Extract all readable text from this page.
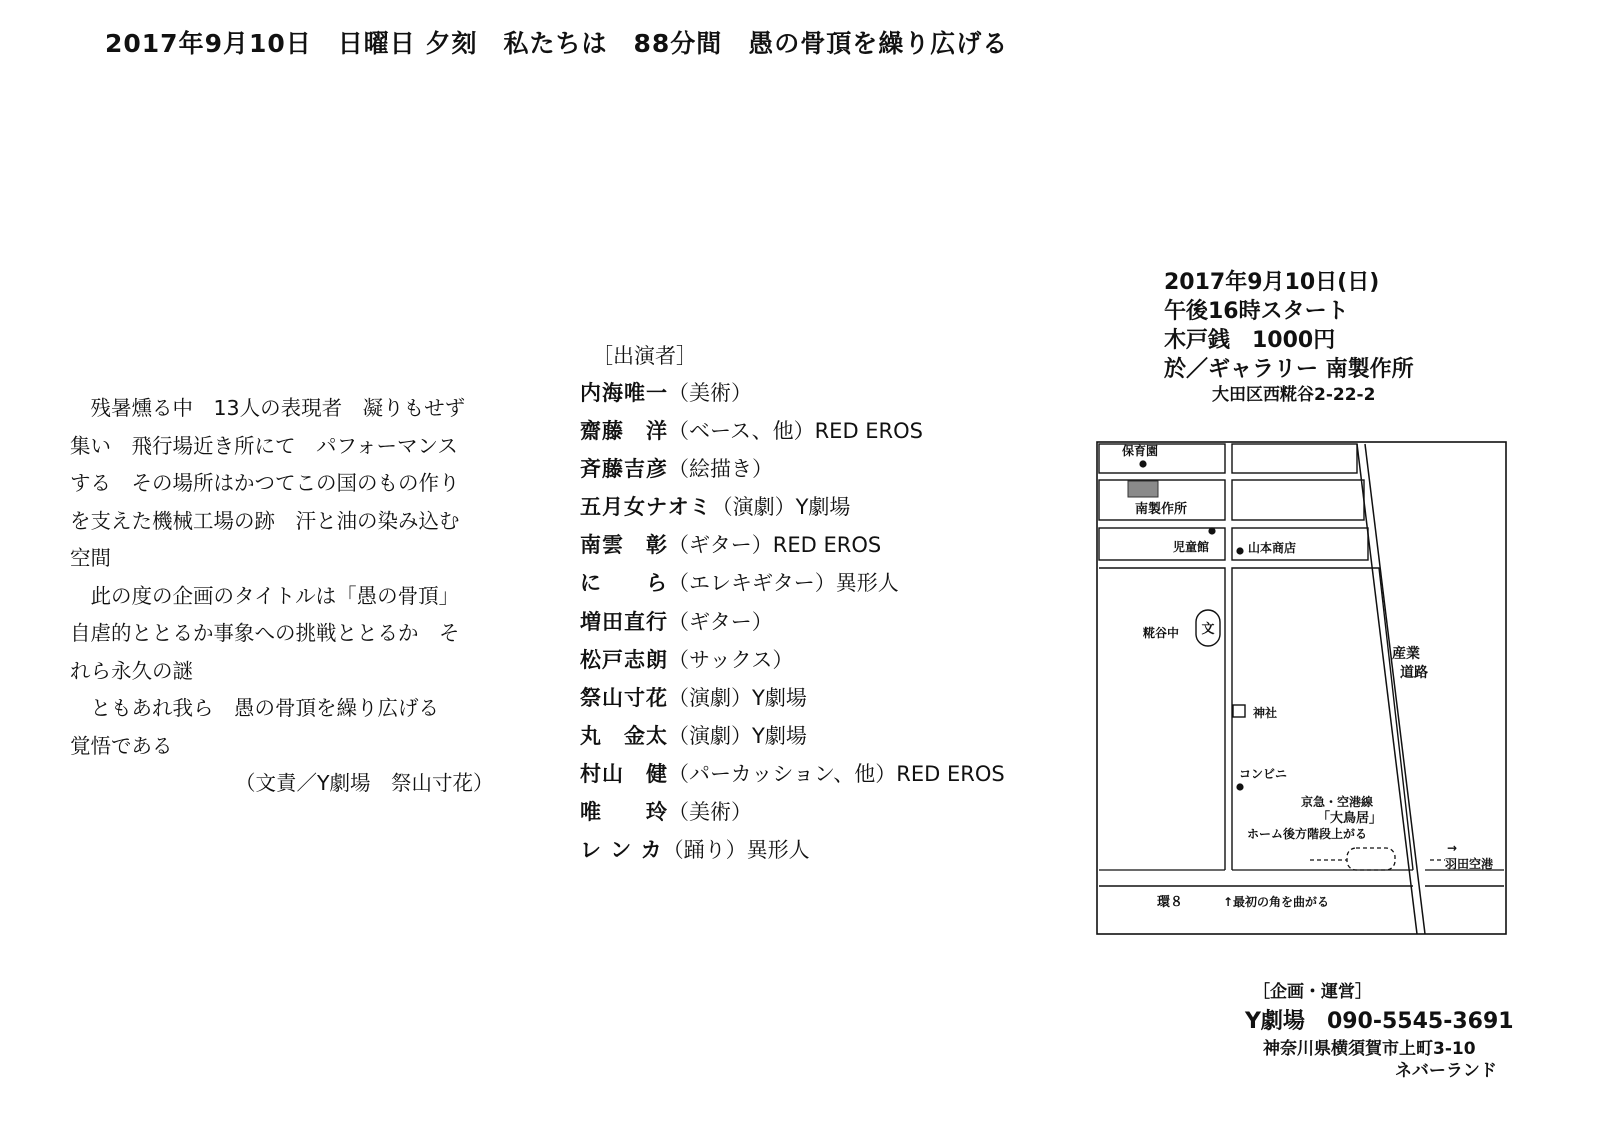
2017年9月10日　日曜日 夕刻　私たちは　88分間　愚の骨頂を繰り広げる
　残暑燻る中　13人の表現者　凝りもせず
集い　飛行場近き所にて　パフォーマンス
する　その場所はかつてこの国のもの作り
を支えた機械工場の跡　汗と油の染み込む
空間
　此の度の企画のタイトルは「愚の骨頂」
自虐的ととるか事象への挑戦ととるか　そ
れら永久の謎
　ともあれ我ら　愚の骨頂を繰り広げる
覚悟である
（文責／Y劇場　祭山寸花）
［出演者］
内海唯一（美術）
齋藤　洋（ベース、他）RED EROS
斉藤吉彦（絵描き）
五月女ナオミ（演劇）Y劇場
南雲　彰（ギター）RED EROS
に　　ら（エレキギター）異形人
増田直行（ギター）
松戸志朗（サックス）
祭山寸花（演劇）Y劇場
丸　金太（演劇）Y劇場
村山　健（パーカッション、他）RED EROS
唯　　玲（美術）
レ ン カ（踊り）異形人
2017年9月10日(日)
午後16時スタート
木戸銭　1000円
於／ギャラリー 南製作所
大田区西糀谷2-22-2
保育園
南製作所
児童館	山本商店
糀谷中 文
神社
コンビニ
京急・空港線
「大鳥居」
ホーム後方階段上がる
→
羽田空港
環８	↑最初の角を曲がる
産業
道路
［企画・運営］
Y劇場 090-5545-3691
神奈川県横須賀市上町3-10
ネバーランド
